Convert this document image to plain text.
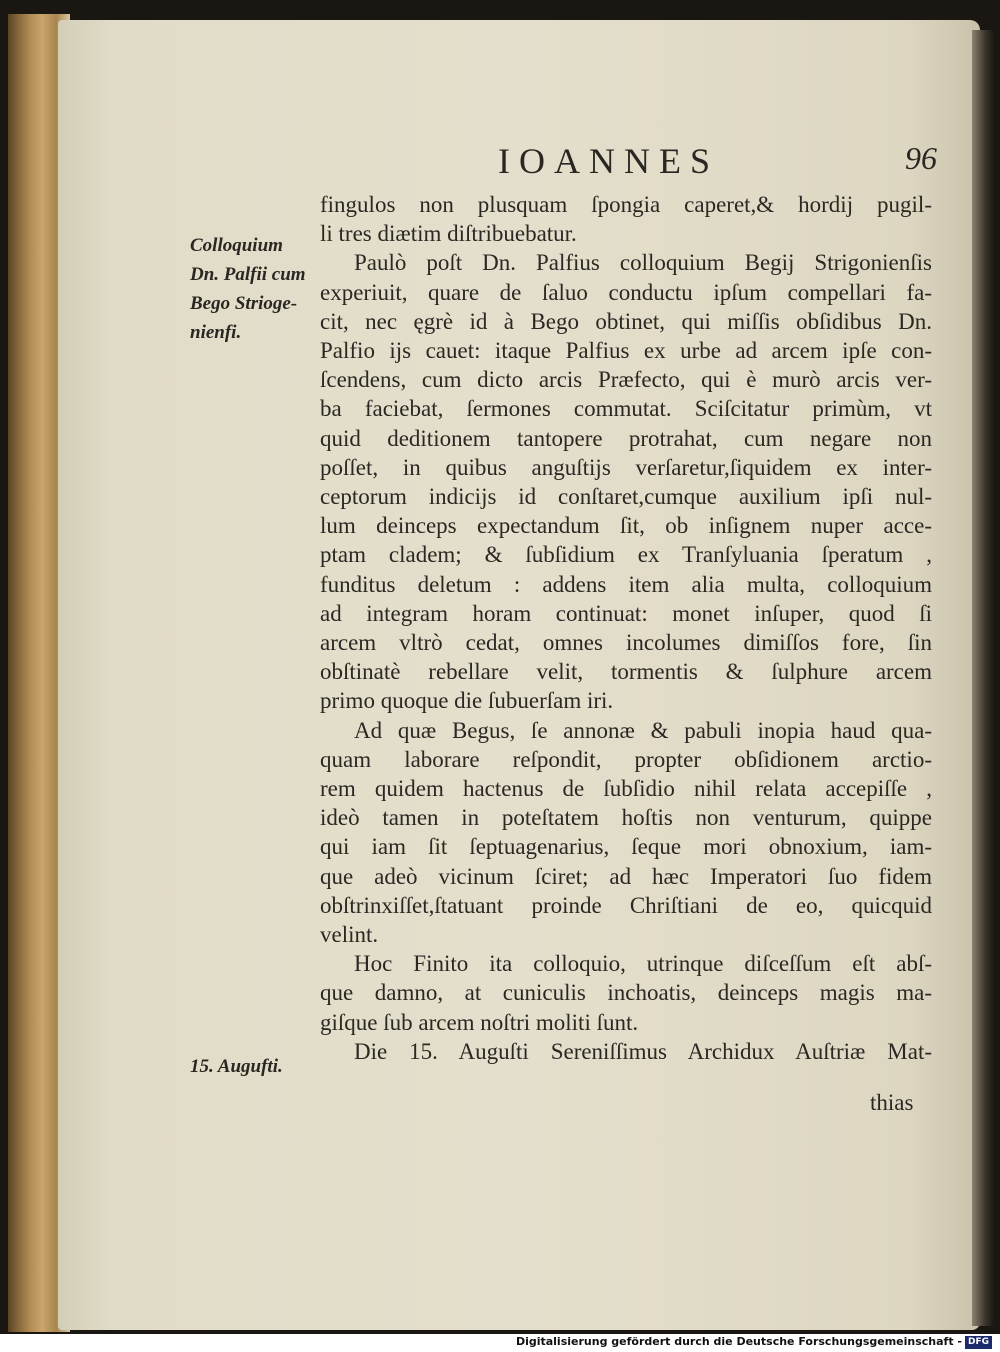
IOANNES	96
Colloquium
Dn. Palfii cum
Bego Strioge-
nienfi.
15. Augufti.

fingulos non plusquam ſpongia caperet,& hordij pugil-

li tres diætim diſtribuebatur.

Paulò poſt Dn. Palfius colloquium Begij Strigonienſis

experiuit, quare de ſaluo conductu ipſum compellari fa-

cit, nec ęgrè id à Bego obtinet, qui miſſis obſidibus Dn.

Palfio ijs cauet: itaque Palfius ex urbe ad arcem ipſe con-

ſcendens, cum dicto arcis Præfecto, qui è murò arcis ver-

ba faciebat, ſermones commutat. Sciſcitatur primùm, vt

quid deditionem tantopere protrahat, cum negare non

poſſet, in quibus anguſtijs verſaretur,ſiquidem ex inter-

ceptorum indicijs id conſtaret,cumque auxilium ipſi nul-

lum deinceps expectandum ſit, ob inſignem nuper acce-

ptam cladem; & ſubſidium ex Tranſyluania ſperatum ,

funditus deletum : addens item alia multa, colloquium

ad integram horam continuat: monet inſuper, quod ſi

arcem vltrò cedat, omnes incolumes dimiſſos fore, ſin

obſtinatè rebellare velit, tormentis & ſulphure arcem

primo quoque die ſubuerſam iri.

Ad quæ Begus, ſe annonæ & pabuli inopia haud qua-

quam laborare reſpondit, propter obſidionem arctio-

rem quidem hactenus de ſubſidio nihil relata accepiſſe ,

ideò tamen in poteſtatem hoſtis non venturum, quippe

qui iam ſit ſeptuagenarius, ſeque mori obnoxium, iam-

que adeò vicinum ſciret; ad hæc Imperatori ſuo fidem

obſtrinxiſſet,ſtatuant proinde Chriſtiani de eo, quicquid

velint.

Hoc Finito ita colloquio, utrinque diſceſſum eſt abſ-

que damno, at cuniculis inchoatis, deinceps magis ma-

giſque ſub arcem noſtri moliti ſunt.

Die 15. Auguſti Sereniſſimus Archidux Auſtriæ Mat-

thias
Digitalisierung gefördert durch die Deutsche Forschungsgemeinschaft - DFG
